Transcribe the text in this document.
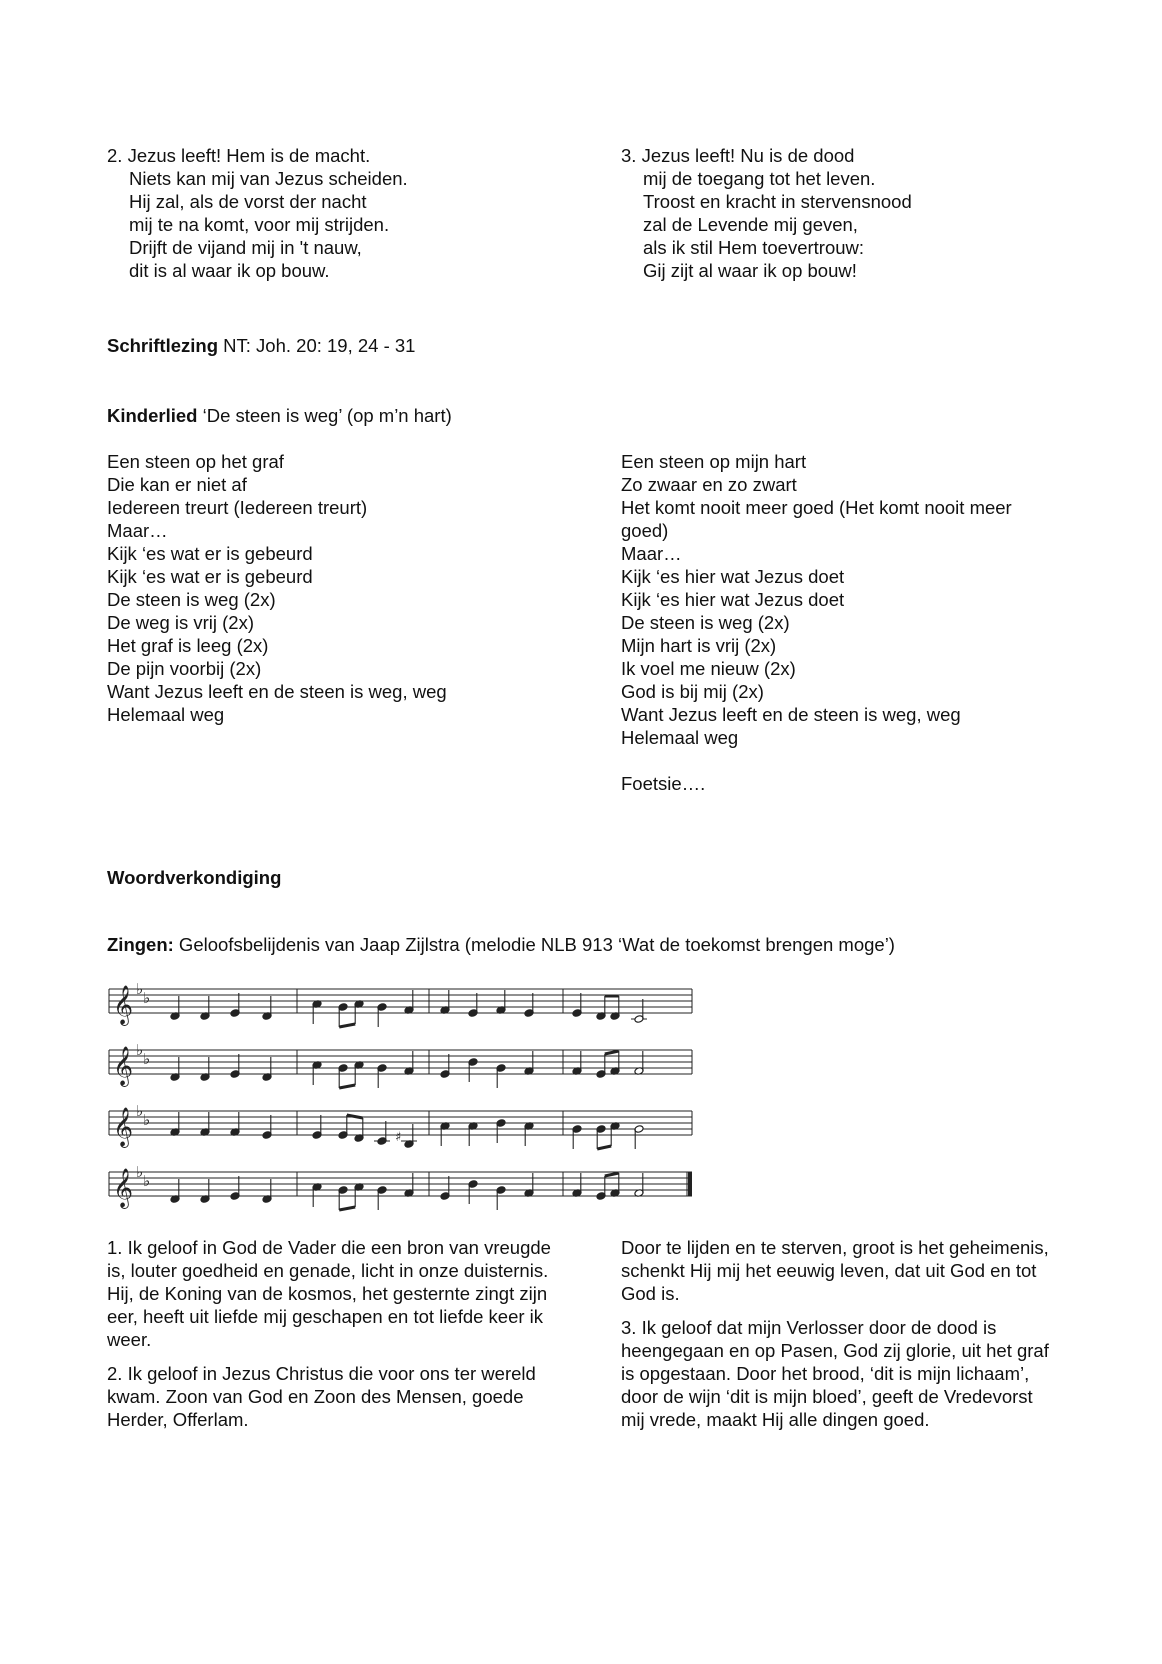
2. Jezus leeft! Hem is de macht.
Niets kan mij van Jezus scheiden.
Hij zal, als de vorst der nacht
mij te na komt, voor mij strijden.
Drijft de vijand mij in 't nauw,
dit is al waar ik op bouw.
3. Jezus leeft! Nu is de dood
mij de toegang tot het leven.
Troost en kracht in stervensnood
zal de Levende mij geven,
als ik stil Hem toevertrouw:
Gij zijt al waar ik op bouw!
Schriftlezing NT: Joh. 20: 19, 24 - 31
Kinderlied ‘De steen is weg’ (op m’n hart)
Een steen op het graf
Die kan er niet af
Iedereen treurt (Iedereen treurt)
Maar…
Kijk ‘es wat er is gebeurd
Kijk ‘es wat er is gebeurd
De steen is weg (2x)
De weg is vrij (2x)
Het graf is leeg (2x)
De pijn voorbij (2x)
Want Jezus leeft en de steen is weg, weg
Helemaal weg
Een steen op mijn hart
Zo zwaar en zo zwart
Het komt nooit meer goed (Het komt nooit meer goed)
Maar…
Kijk ‘es hier wat Jezus doet
Kijk ‘es hier wat Jezus doet
De steen is weg (2x)
Mijn hart is vrij (2x)
Ik voel me nieuw (2x)
God is bij mij (2x)
Want Jezus leeft en de steen is weg, weg
Helemaal weg
Foetsie….
Woordverkondiging
Zingen: Geloofsbelijdenis van Jaap Zijlstra (melodie NLB 913 ‘Wat de toekomst brengen moge’)
𝄞 ♭ ♭
𝄞 ♭ ♭
𝄞 ♭ ♭
♯
𝄞 ♭ ♭
1. Ik geloof in God de Vader die een bron van vreugde is, louter goedheid en genade, licht in onze duisternis. Hij, de Koning van de kosmos, het gesternte zingt zijn eer, heeft uit liefde mij geschapen en tot liefde keer ik weer.
2. Ik geloof in Jezus Christus die voor ons ter wereld kwam. Zoon van God en Zoon des Mensen, goede Herder, Offerlam.
Door te lijden en te sterven, groot is het geheimenis, schenkt Hij mij het eeuwig leven, dat uit God en tot God is.
3. Ik geloof dat mijn Verlosser door de dood is heengegaan en op Pasen, God zij glorie, uit het graf is opgestaan. Door het brood, ‘dit is mijn lichaam’, door de wijn ‘dit is mijn bloed’, geeft de Vredevorst mij vrede, maakt Hij alle dingen goed.
